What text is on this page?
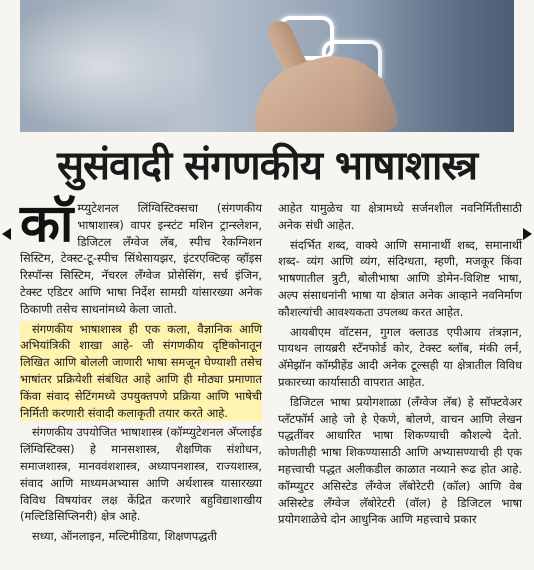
सुसंवादी संगणकीय भाषाशास्त्र
कॉ म्प्युटेशनल लिंग्विस्टिक्सचा (संगणकीय भाषाशास्त्र) वापर इन्स्टंट मशिन ट्रान्स्लेशन, डिजिटल लँग्वेज लॅब, स्पीच रेकग्निशन सिस्टिम, टेक्स्ट-टू-स्पीच सिंथेसायझर, इंटरएक्टिव्ह व्हॉइस रिस्पॉन्स सिस्टिम, नॅचरल लँग्वेज प्रोसेसिंग, सर्च इंजिन, टेक्स्ट एडिटर आणि भाषा निर्देश सामग्री यांसारख्या अनेक ठिकाणी तसेच साधनांमध्ये केला जातो.

संगणकीय भाषाशास्त्र ही एक कला, वैज्ञानिक आणि अभियांत्रिकी शाखा आहे- जी संगणकीय दृष्टिकोनातून लिखित आणि बोलली जाणारी भाषा समजून घेण्याशी तसेच भाषांतर प्रक्रियेशी संबंधित आहे आणि ही मोठ्या प्रमाणात किंवा संवाद सेटिंगमध्ये उपयुक्तपणे प्रक्रिया आणि भाषेची निर्मिती करणारी संवादी कलाकृती तयार करते आहे.

संगणकीय उपयोजित भाषाशास्त्र (कॉम्प्युटेशनल अ‍ॅप्लाईड लिंग्विस्टिक्स) हे मानसशास्त्र, शैक्षणिक संशोधन, समाजशास्त्र, मानववंशशास्त्र, अध्यापनशास्त्र, राज्यशास्त्र, संवाद आणि माध्यमअभ्यास आणि अर्थशास्त्र यासारख्या विविध विषयांवर लक्ष केंद्रित करणारे बहुविद्याशाखीय (मल्टिडिसिप्लिनरी) क्षेत्र आहे.

सध्या, ऑनलाइन, मल्टिमीडिया, शिक्षणपद्धती

आहेत यामुळेच या क्षेत्रामध्ये सर्जनशील नवनिर्मितीसाठी अनेक संधी आहेत.

संदर्भित शब्द, वाक्ये आणि समानार्थी शब्द, समानार्थी शब्द- व्यंग आणि व्यंग, संदिग्धता, म्हणी, मजकूर किंवा भाषणातील त्रुटी, बोलीभाषा आणि डोमेन-विशिष्ट भाषा, अल्प संसाधनांनी भाषा या क्षेत्रात अनेक आव्हाने नवनिर्माण कौशल्यांची आवश्यकता उपलब्ध करत आहेत.

आयबीएम वॉटसन, गुगल क्लाउड एपीआय तंत्रज्ञान, पायथन लायब्ररी स्टॅनफोर्ड कोर, टेक्स्ट ब्लॉब, मंकी लर्न, अ‍ॅमेझॉन कॉम्प्रीहेंड आदी अनेक टूल्सही या क्षेत्रातील विविध प्रकारच्या कार्यासाठी वापरात आहेत.

डिजिटल भाषा प्रयोगशाळा (लँग्वेज लॅब) हे सॉफ्टवेअर प्लॅटफॉर्म आहे जो हे ऐकणे, बोलणे, वाचन आणि लेखन पद्धतींवर आधारित भाषा शिकण्याची कौशल्ये देतो. कोणतीही भाषा शिकण्यासाठी आणि अभ्यासण्याची ही एक महत्त्वाची पद्धत अलीकडील काळात नव्याने रूढ होत आहे. कॉम्प्युटर असिस्टेड लँग्वेज लॅबोरेटरी (कॉल) आणि वेब असिस्टेड लँग्वेज लॅबोरेटरी (वॉल) हे डिजिटल भाषा प्रयोगशाळेचे दोन आधुनिक आणि महत्त्वाचे प्रकार
